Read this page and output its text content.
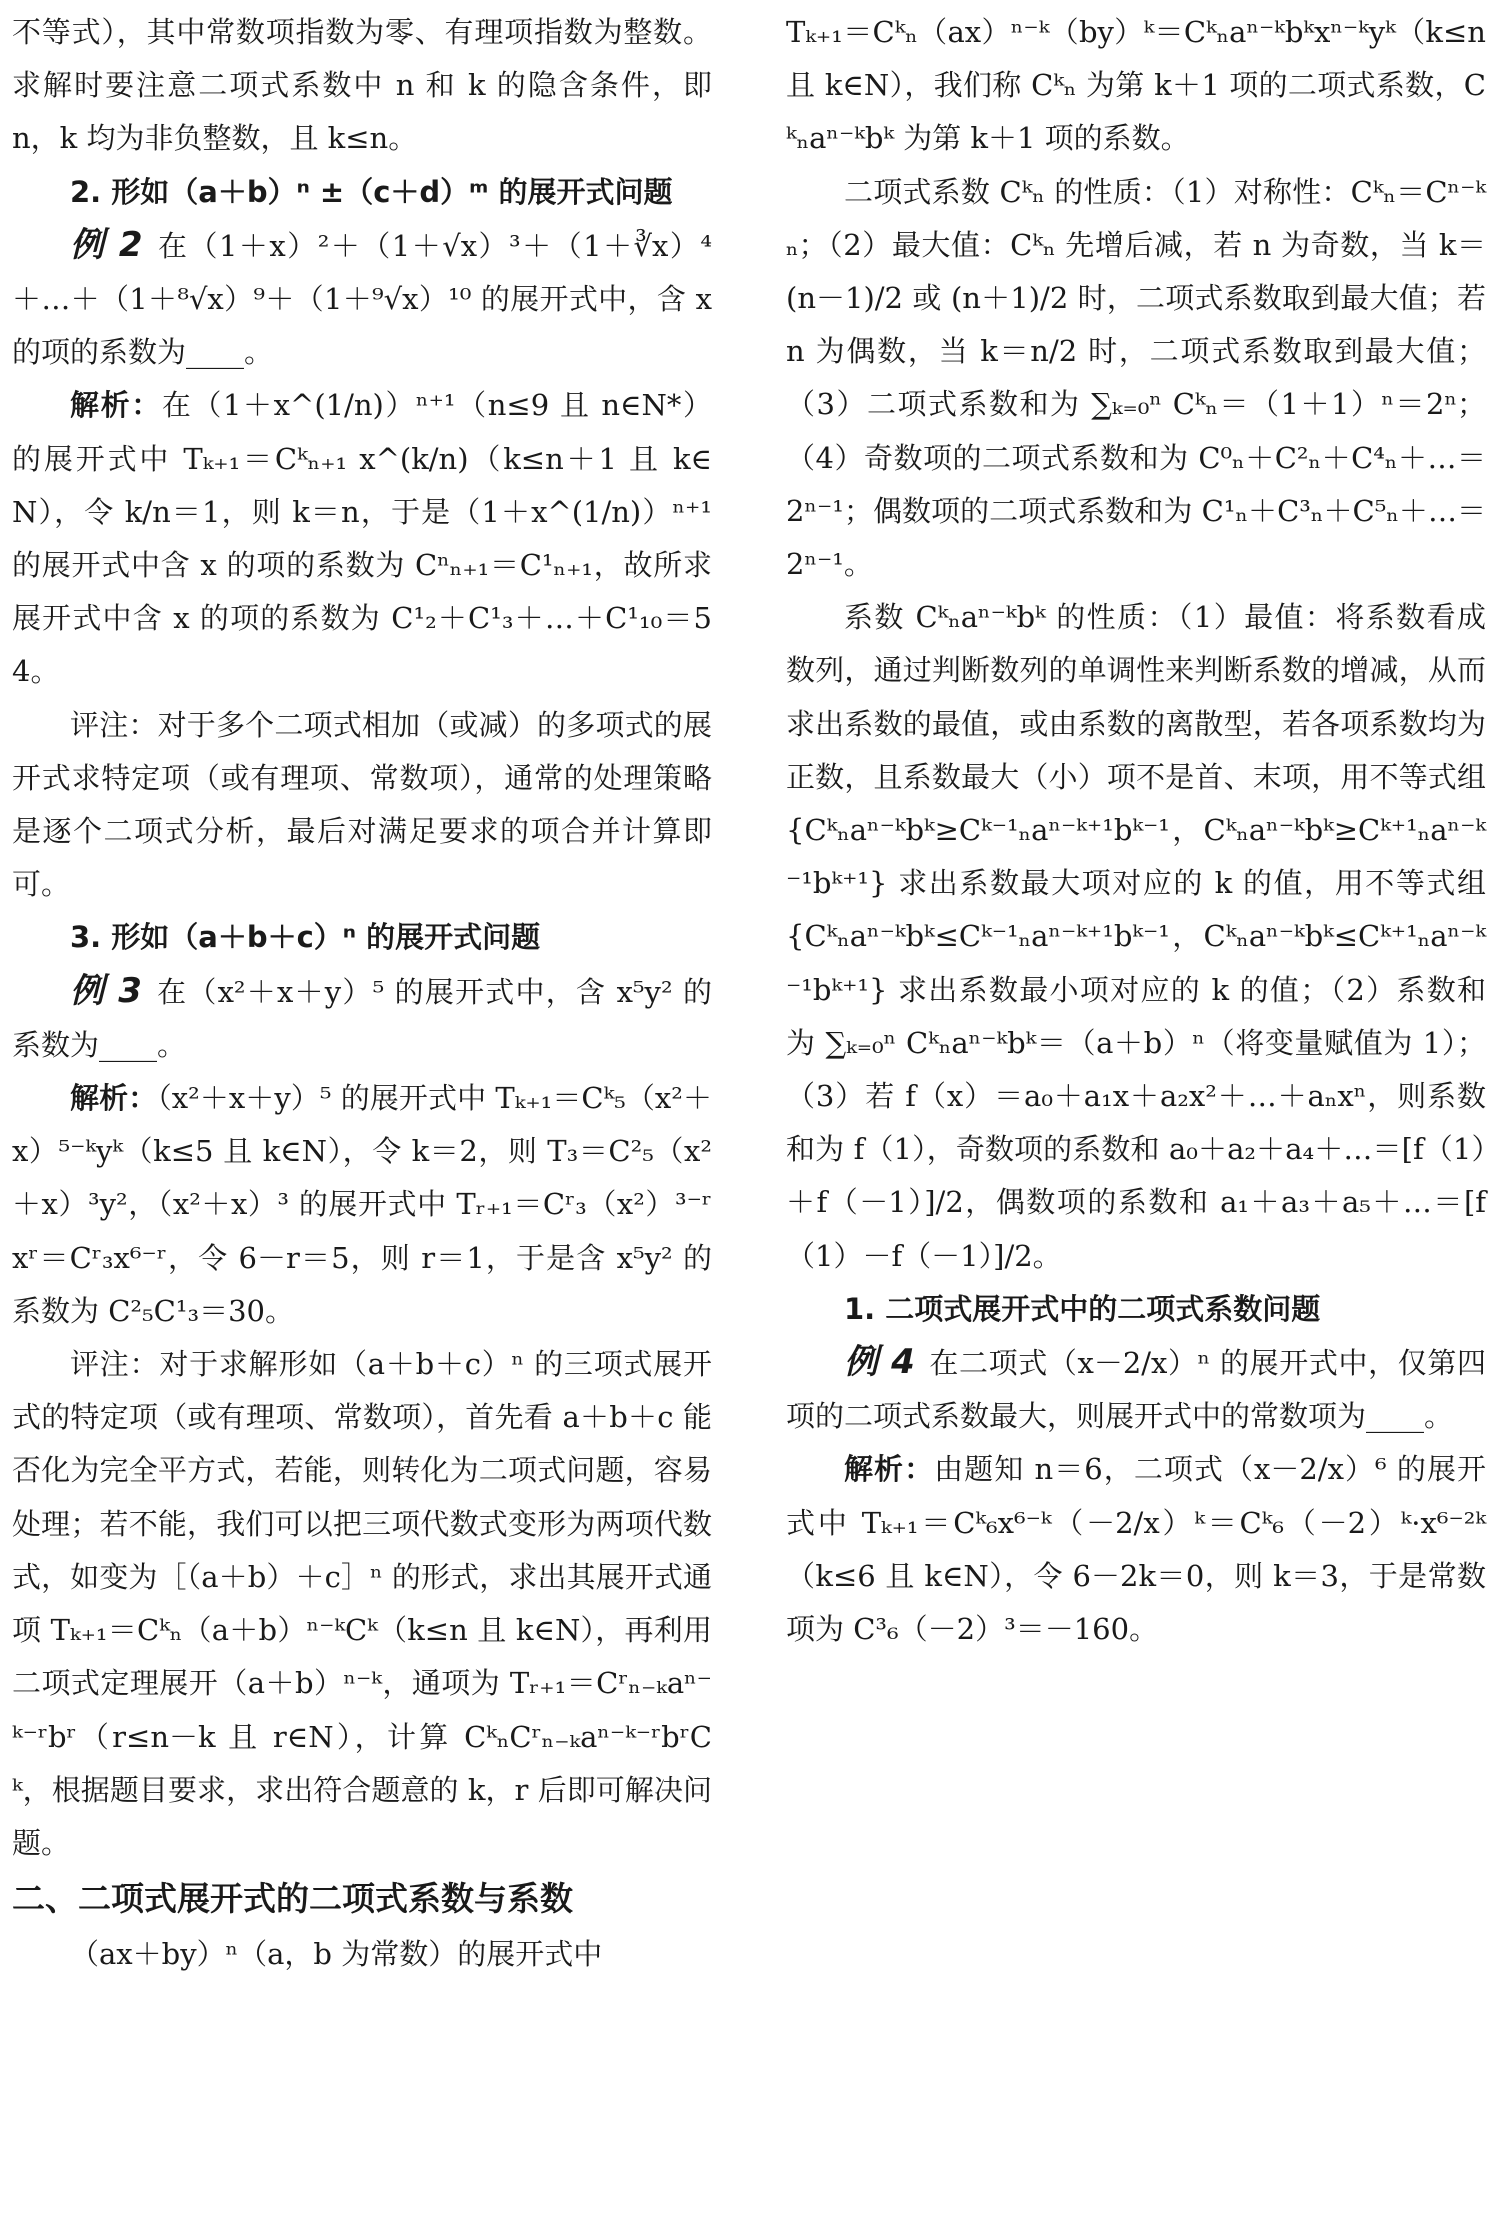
不等式），其中常数项指数为零、有理项指数为整数。求解时要注意二项式系数中 n 和 k 的隐含条件，即 n，k 均为非负整数，且 k≤n。

2. 形如（a＋b）ⁿ ±（c＋d）ᵐ 的展开式问题

例 2 在（1＋x）²＋（1＋√x）³＋（1＋∛x）⁴＋…＋（1＋⁸√x）⁹＋（1＋⁹√x）¹⁰ 的展开式中，含 x 的项的系数为____。

解析：在（1＋x^(1/n)）ⁿ⁺¹（n≤9 且 n∈N*）的展开式中 Tₖ₊₁＝Cᵏₙ₊₁ x^(k/n)（k≤n＋1 且 k∈N），令 k/n＝1，则 k＝n，于是（1＋x^(1/n)）ⁿ⁺¹ 的展开式中含 x 的项的系数为 Cⁿₙ₊₁＝C¹ₙ₊₁，故所求展开式中含 x 的项的系数为 C¹₂＋C¹₃＋…＋C¹₁₀＝54。

评注：对于多个二项式相加（或减）的多项式的展开式求特定项（或有理项、常数项），通常的处理策略是逐个二项式分析，最后对满足要求的项合并计算即可。

3. 形如（a＋b＋c）ⁿ 的展开式问题

例 3 在（x²＋x＋y）⁵ 的展开式中，含 x⁵y² 的系数为____。

解析：（x²＋x＋y）⁵ 的展开式中 Tₖ₊₁＝Cᵏ₅（x²＋x）⁵⁻ᵏyᵏ（k≤5 且 k∈N），令 k＝2，则 T₃＝C²₅（x²＋x）³y²，（x²＋x）³ 的展开式中 Tᵣ₊₁＝Cʳ₃（x²）³⁻ʳxʳ＝Cʳ₃x⁶⁻ʳ，令 6－r＝5，则 r＝1，于是含 x⁵y² 的系数为 C²₅C¹₃＝30。

评注：对于求解形如（a＋b＋c）ⁿ 的三项式展开式的特定项（或有理项、常数项），首先看 a＋b＋c 能否化为完全平方式，若能，则转化为二项式问题，容易处理；若不能，我们可以把三项代数式变形为两项代数式，如变为［（a＋b）＋c］ⁿ 的形式，求出其展开式通项 Tₖ₊₁＝Cᵏₙ（a＋b）ⁿ⁻ᵏCᵏ（k≤n 且 k∈N），再利用二项式定理展开（a＋b）ⁿ⁻ᵏ，通项为 Tᵣ₊₁＝Cʳₙ₋ₖaⁿ⁻ᵏ⁻ʳbʳ（r≤n－k 且 r∈N），计算 CᵏₙCʳₙ₋ₖaⁿ⁻ᵏ⁻ʳbʳCᵏ，根据题目要求，求出符合题意的 k，r 后即可解决问题。

二、二项式展开式的二项式系数与系数

（ax＋by）ⁿ（a，b 为常数）的展开式中

Tₖ₊₁＝Cᵏₙ（ax）ⁿ⁻ᵏ（by）ᵏ＝Cᵏₙaⁿ⁻ᵏbᵏxⁿ⁻ᵏyᵏ（k≤n 且 k∈N），我们称 Cᵏₙ 为第 k＋1 项的二项式系数，Cᵏₙaⁿ⁻ᵏbᵏ 为第 k＋1 项的系数。

二项式系数 Cᵏₙ 的性质：（1）对称性：Cᵏₙ＝Cⁿ⁻ᵏₙ；（2）最大值：Cᵏₙ 先增后减，若 n 为奇数，当 k＝(n－1)/2 或 (n＋1)/2 时，二项式系数取到最大值；若 n 为偶数，当 k＝n/2 时，二项式系数取到最大值；（3）二项式系数和为 ∑ₖ₌₀ⁿ Cᵏₙ＝（1＋1）ⁿ＝2ⁿ；（4）奇数项的二项式系数和为 C⁰ₙ＋C²ₙ＋C⁴ₙ＋…＝2ⁿ⁻¹；偶数项的二项式系数和为 C¹ₙ＋C³ₙ＋C⁵ₙ＋…＝2ⁿ⁻¹。

系数 Cᵏₙaⁿ⁻ᵏbᵏ 的性质：（1）最值：将系数看成数列，通过判断数列的单调性来判断系数的增减，从而求出系数的最值，或由系数的离散型，若各项系数均为正数，且系数最大（小）项不是首、末项，用不等式组 {Cᵏₙaⁿ⁻ᵏbᵏ≥Cᵏ⁻¹ₙaⁿ⁻ᵏ⁺¹bᵏ⁻¹，Cᵏₙaⁿ⁻ᵏbᵏ≥Cᵏ⁺¹ₙaⁿ⁻ᵏ⁻¹bᵏ⁺¹} 求出系数最大项对应的 k 的值，用不等式组 {Cᵏₙaⁿ⁻ᵏbᵏ≤Cᵏ⁻¹ₙaⁿ⁻ᵏ⁺¹bᵏ⁻¹，Cᵏₙaⁿ⁻ᵏbᵏ≤Cᵏ⁺¹ₙaⁿ⁻ᵏ⁻¹bᵏ⁺¹} 求出系数最小项对应的 k 的值；（2）系数和为 ∑ₖ₌₀ⁿ Cᵏₙaⁿ⁻ᵏbᵏ＝（a＋b）ⁿ（将变量赋值为 1）；（3）若 f（x）＝a₀＋a₁x＋a₂x²＋…＋aₙxⁿ，则系数和为 f（1），奇数项的系数和 a₀＋a₂＋a₄＋…＝[f（1）＋f（－1）]/2，偶数项的系数和 a₁＋a₃＋a₅＋…＝[f（1）－f（－1）]/2。

1. 二项式展开式中的二项式系数问题

例 4 在二项式（x－2/x）ⁿ 的展开式中，仅第四项的二项式系数最大，则展开式中的常数项为____。

解析：由题知 n＝6，二项式（x－2/x）⁶ 的展开式中 Tₖ₊₁＝Cᵏ₆x⁶⁻ᵏ（－2/x）ᵏ＝Cᵏ₆（－2）ᵏ·x⁶⁻²ᵏ（k≤6 且 k∈N），令 6－2k＝0，则 k＝3，于是常数项为 C³₆（－2）³＝－160。
